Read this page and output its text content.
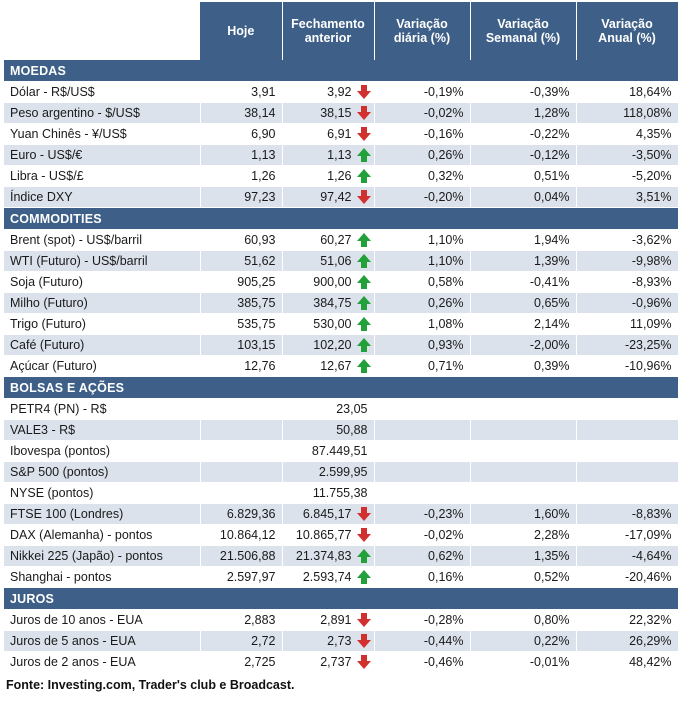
	Hoje	Fechamento anterior	Variação diária (%)	Variação Semanal (%)	Variação Anual (%)
MOEDAS					
Dólar - R$/US$	3,91	3,92	-0,19%	-0,39%	18,64%
Peso argentino - $/US$	38,14	38,15	-0,02%	1,28%	118,08%
Yuan Chinês - ¥/US$	6,90	6,91	-0,16%	-0,22%	4,35%
Euro - US$/€	1,13	1,13	0,26%	-0,12%	-3,50%
Libra - US$/£	1,26	1,26	0,32%	0,51%	-5,20%
Índice DXY	97,23	97,42	-0,20%	0,04%	3,51%
COMMODITIES					
Brent (spot) - US$/barril	60,93	60,27	1,10%	1,94%	-3,62%
WTI (Futuro) - US$/barril	51,62	51,06	1,10%	1,39%	-9,98%
Soja (Futuro)	905,25	900,00	0,58%	-0,41%	-8,93%
Milho (Futuro)	385,75	384,75	0,26%	0,65%	-0,96%
Trigo (Futuro)	535,75	530,00	1,08%	2,14%	11,09%
Café (Futuro)	103,15	102,20	0,93%	-2,00%	-23,25%
Açúcar (Futuro)	12,76	12,67	0,71%	0,39%	-10,96%
BOLSAS E AÇÕES					
PETR4 (PN) - R$		23,05			
VALE3 - R$		50,88			
Ibovespa (pontos)		87.449,51			
S&P 500 (pontos)		2.599,95			
NYSE (pontos)		11.755,38			
FTSE 100 (Londres)	6.829,36	6.845,17	-0,23%	1,60%	-8,83%
DAX (Alemanha) - pontos	10.864,12	10.865,77	-0,02%	2,28%	-17,09%
Nikkei 225 (Japão) - pontos	21.506,88	21.374,83	0,62%	1,35%	-4,64%
Shanghai - pontos	2.597,97	2.593,74	0,16%	0,52%	-20,46%
JUROS					
Juros de 10 anos - EUA	2,883	2,891	-0,28%	0,80%	22,32%
Juros de 5 anos - EUA	2,72	2,73	-0,44%	0,22%	26,29%
Juros de 2 anos - EUA	2,725	2,737	-0,46%	-0,01%	48,42%
Fonte: Investing.com, Trader's club e Broadcast.
